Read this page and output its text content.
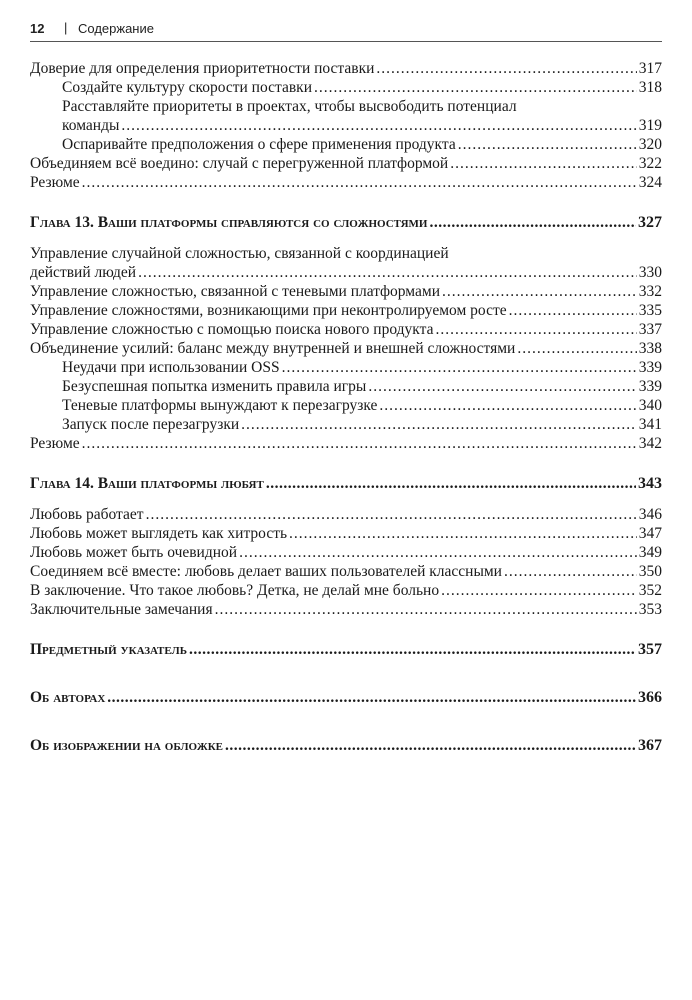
12 | Содержание
Доверие для определения приоритетности поставки .....	317
Создайте культуру скорости поставки .....	318
Расставляйте приоритеты в проектах, чтобы высвободить потенциал
команды .....	319
Оспаривайте предположения о сфере применения продукта .....	320
Объединяем всё воедино: случай с перегруженной платформой .....	322
Резюме .....	324
Глава 13. Ваши платформы справляются со сложностями .....	327
Управление случайной сложностью, связанной с координацией
действий людей .....	330
Управление сложностью, связанной с теневыми платформами .....	332
Управление сложностями, возникающими при неконтролируемом росте .....	335
Управление сложностью с помощью поиска нового продукта .....	337
Объединение усилий: баланс между внутренней и внешней сложностями .....	338
Неудачи при использовании OSS .....	339
Безуспешная попытка изменить правила игры .....	339
Теневые платформы вынуждают к перезагрузке .....	340
Запуск после перезагрузки .....	341
Резюме .....	342
Глава 14. Ваши платформы любят .....	343
Любовь работает .....	346
Любовь может выглядеть как хитрость .....	347
Любовь может быть очевидной .....	349
Соединяем всё вместе: любовь делает ваших пользователей классными .....	350
В заключение. Что такое любовь? Детка, не делай мне больно .....	352
Заключительные замечания .....	353
Предметный указатель .....	357
Об авторах .....	366
Об изображении на обложке .....	367
